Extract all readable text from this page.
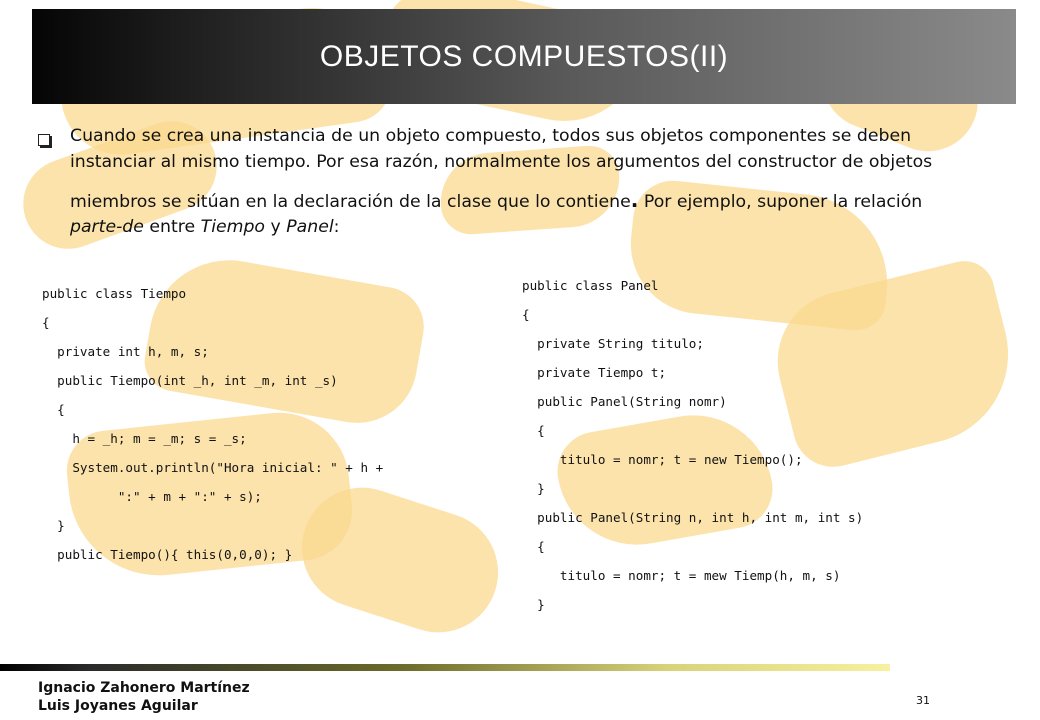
OBJETOS COMPUESTOS(II)
Cuando se crea una instancia de un objeto compuesto, todos sus objetos componentes se deben
instanciar al mismo tiempo. Por esa razón, normalmente los argumentos del constructor de objetos
miembros se sitúan en la declaración de la clase que lo contiene. Por ejemplo, suponer la relación
parte-de entre Tiempo y Panel:
public class Tiempo
{
private int h, m, s;
public Tiempo(int _h, int _m, int _s)
{
h = _h; m = _m; s = _s;
System.out.println("Hora inicial: " + h +
":" + m + ":" + s);
}
public Tiempo(){ this(0,0,0); }
public class Panel
{
private String titulo;
private Tiempo t;
public Panel(String nomr)
{
titulo = nomr; t = new Tiempo();
}
public Panel(String n, int h, int m, int s)
{
titulo = nomr; t = mew Tiemp(h, m, s)
}
Ignacio Zahonero Martínez
Luis Joyanes Aguilar	31
